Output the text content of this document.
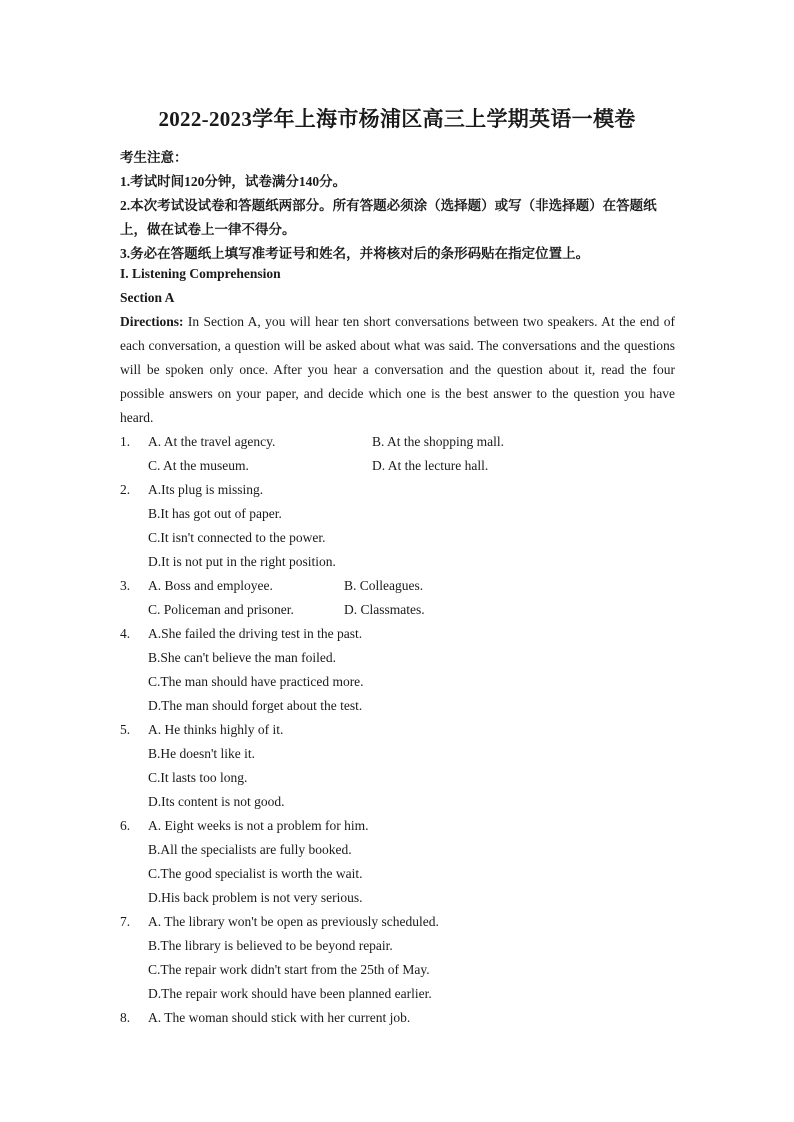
2022-2023学年上海市杨浦区高三上学期英语一模卷
考生注意：
1.考试时间120分钟，试卷满分140分。
2.本次考试设试卷和答题纸两部分。所有答题必须涂（选择题）或写（非选择题）在答题纸
上，做在试卷上一律不得分。
3.务必在答题纸上填写准考证号和姓名，并将核对后的条形码贴在指定位置上。
I. Listening Comprehension
Section A
Directions: In Section A, you will hear ten short conversations between two speakers. At the end of each conversation, a question will be asked about what was said. The conversations and the questions will be spoken only once. After you hear a conversation and the question about it, read the four possible answers on your paper, and decide which one is the best answer to the question you have heard.
1. A. At the travel agency.	B. At the shopping mall.
C. At the museum.	D. At the lecture hall.
2. A.Its plug is missing.
B.It has got out of paper.
C.It isn't connected to the power.
D.It is not put in the right position.
3. A. Boss and employee.	B. Colleagues.
C. Policeman and prisoner.	D. Classmates.
4. A.She failed the driving test in the past.
B.She can't believe the man foiled.
C.The man should have practiced more.
D.The man should forget about the test.
5. A. He thinks highly of it.
B.He doesn't like it.
C.It lasts too long.
D.Its content is not good.
6. A. Eight weeks is not a problem for him.
B.All the specialists are fully booked.
C.The good specialist is worth the wait.
D.His back problem is not very serious.
7. A. The library won't be open as previously scheduled.
B.The library is believed to be beyond repair.
C.The repair work didn't start from the 25th of May.
D.The repair work should have been planned earlier.
8. A. The woman should stick with her current job.
